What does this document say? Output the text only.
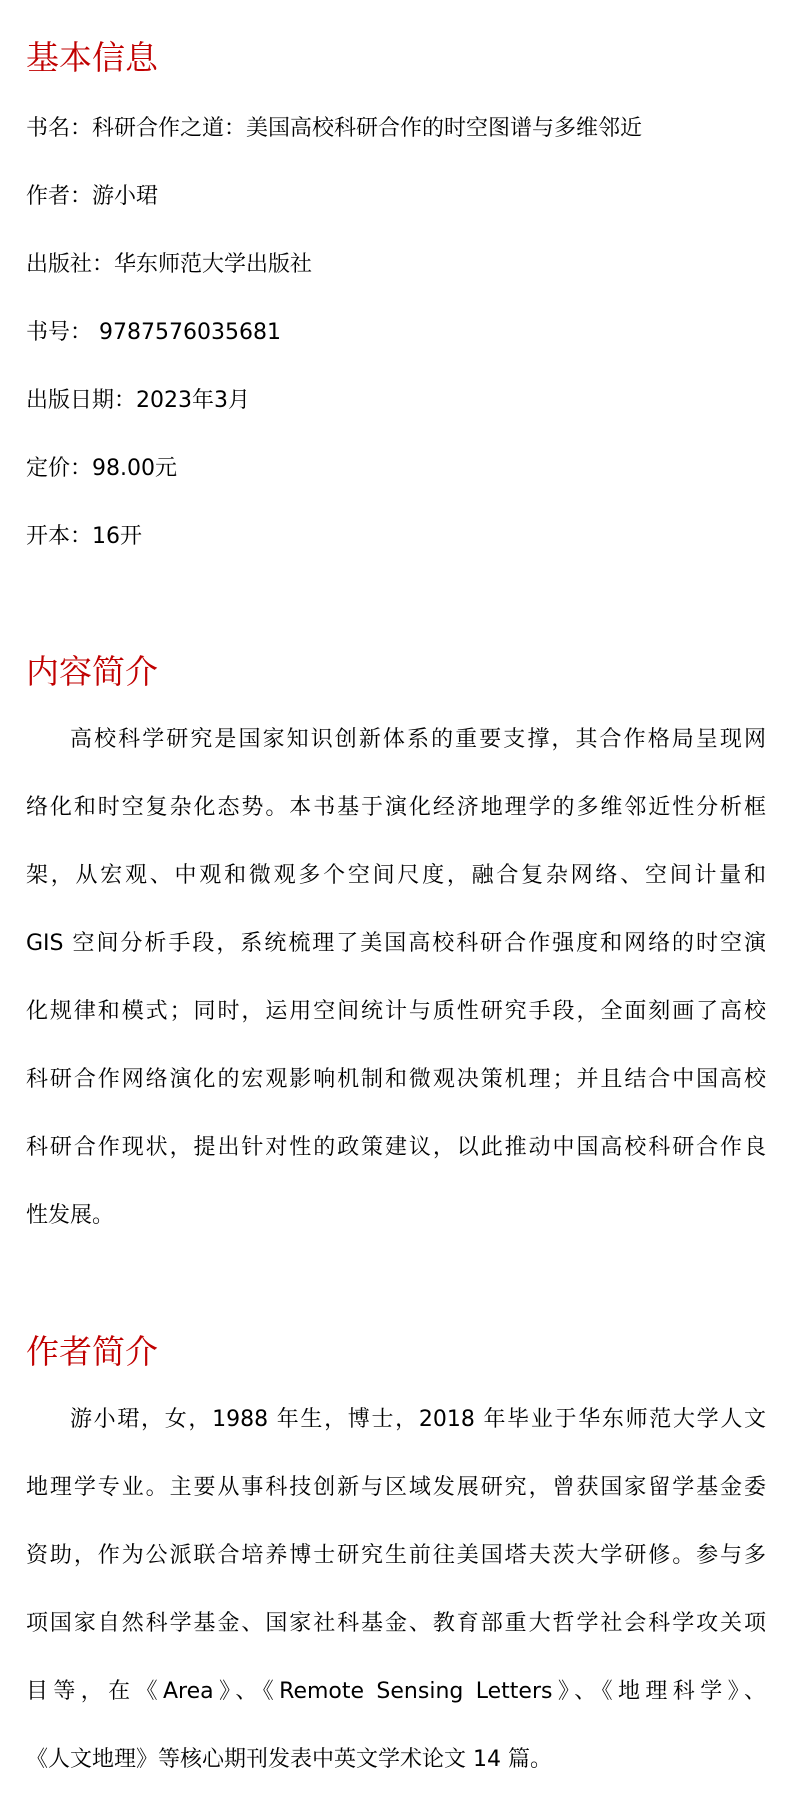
基本信息

书名：科研合作之道：美国高校科研合作的时空图谱与多维邻近

作者：游小珺

出版社：华东师范大学出版社

书号： 9787576035681

出版日期：2023年3月

定价：98.00元

开本：16开

内容简介
高校科学研究是国家知识创新体系的重要支撑，其合作格局呈现网
络化和时空复杂化态势。本书基于演化经济地理学的多维邻近性分析框
架，从宏观、中观和微观多个空间尺度，融合复杂网络、空间计量和
GIS 空间分析手段，系统梳理了美国高校科研合作强度和网络的时空演
化规律和模式；同时，运用空间统计与质性研究手段，全面刻画了高校
科研合作网络演化的宏观影响机制和微观决策机理；并且结合中国高校
科研合作现状，提出针对性的政策建议，以此推动中国高校科研合作良
性发展。
作者简介
游小珺，女，1988 年生，博士，2018 年毕业于华东师范大学人文
地理学专业。主要从事科技创新与区域发展研究，曾获国家留学基金委
资助，作为公派联合培养博士研究生前往美国塔夫茨大学研修。参与多
项国家自然科学基金、国家社科基金、教育部重大哲学社会科学攻关项
目等，在《Area》、《Remote Sensing Letters》、《地理科学》、
《人文地理》等核心期刊发表中英文学术论文 14 篇。
